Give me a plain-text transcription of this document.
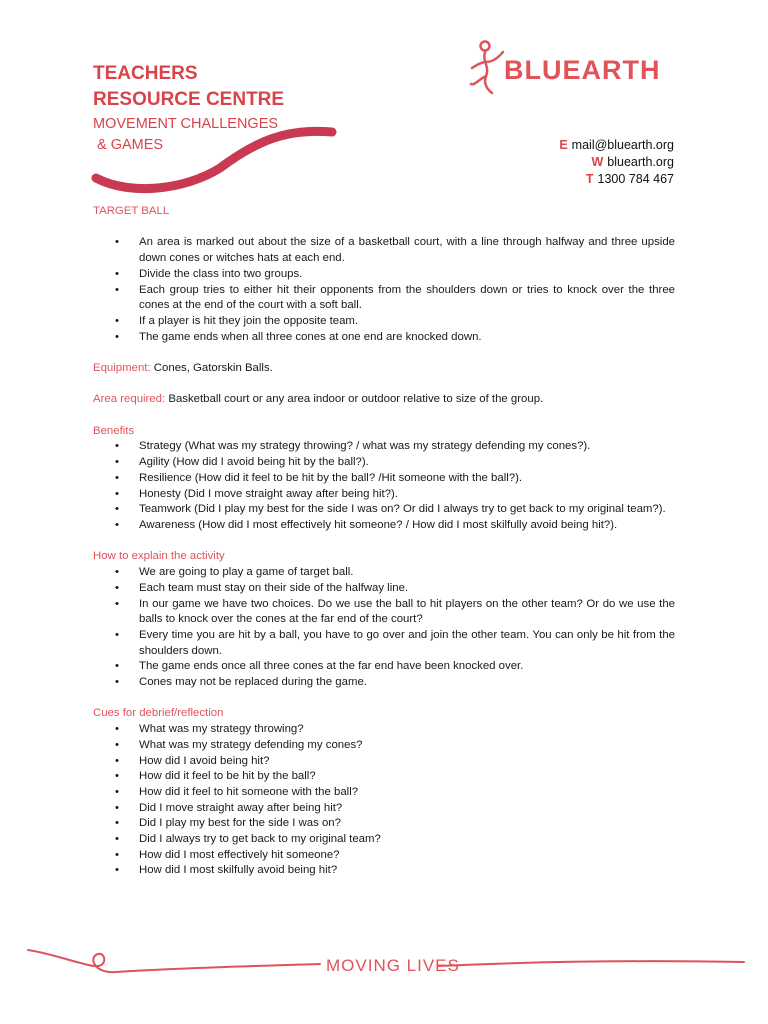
TEACHERS
RESOURCE CENTRE
MOVEMENT CHALLENGES
& GAMES
BLUEARTH
E mail@bluearth.org
W bluearth.org
T 1300 784 467
TARGET BALL
• An area is marked out about the size of a basketball court, with a line through halfway and three upside down cones or witches hats at each end.
• Divide the class into two groups.
• Each group tries to either hit their opponents from the shoulders down or tries to knock over the three cones at the end of the court with a soft ball.
• If a player is hit they join the opposite team.
• The game ends when all three cones at one end are knocked down.
Equipment: Cones, Gatorskin Balls.
Area required: Basketball court or any area indoor or outdoor relative to size of the group.
Benefits
• Strategy (What was my strategy throwing? / what was my strategy defending my cones?).
• Agility (How did I avoid being hit by the ball?).
• Resilience (How did it feel to be hit by the ball? /Hit someone with the ball?).
• Honesty (Did I move straight away after being hit?).
• Teamwork (Did I play my best for the side I was on? Or did I always try to get back to my original team?).
• Awareness (How did I most effectively hit someone? / How did I most skilfully avoid being hit?).
How to explain the activity
• We are going to play a game of target ball.
• Each team must stay on their side of the halfway line.
• In our game we have two choices. Do we use the ball to hit players on the other team? Or do we use the balls to knock over the cones at the far end of the court?
• Every time you are hit by a ball, you have to go over and join the other team. You can only be hit from the shoulders down.
• The game ends once all three cones at the far end have been knocked over.
• Cones may not be replaced during the game.
Cues for debrief/reflection
• What was my strategy throwing?
• What was my strategy defending my cones?
• How did I avoid being hit?
• How did it feel to be hit by the ball?
• How did it feel to hit someone with the ball?
• Did I move straight away after being hit?
• Did I play my best for the side I was on?
• Did I always try to get back to my original team?
• How did I most effectively hit someone?
• How did I most skilfully avoid being hit?
MOVING LIVES
